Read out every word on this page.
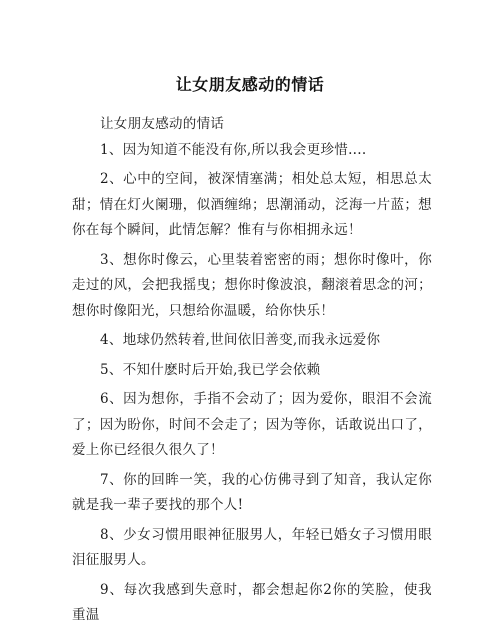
让女朋友感动的情话

让女朋友感动的情话

1、因为知道不能没有你,所以我会更珍惜....

2、心中的空间，被深情塞满；相处总太短，相思总太甜；情在灯火阑珊，似酒缠绵；思潮涌动，泛海一片蓝；想你在每个瞬间，此情怎解？惟有与你相拥永远！

3、想你时像云，心里装着密密的雨；想你时像叶，你走过的风，会把我摇曳；想你时像波浪，翻滚着思念的河；想你时像阳光，只想给你温暖，给你快乐！

4、地球仍然转着,世间依旧善变,而我永远爱你

5、不知什麽时后开始,我已学会依赖

6、因为想你，手指不会动了；因为爱你，眼泪不会流了；因为盼你，时间不会走了；因为等你，话敢说出口了，爱上你已经很久很久了！

7、你的回眸一笑，我的心仿佛寻到了知音，我认定你就是我一辈子要找的那个人!

8、少女习惯用眼神征服男人，年轻已婚女子习惯用眼泪征服男人。

9、每次我感到失意时，都会想起你2你的笑脸，使我重温
